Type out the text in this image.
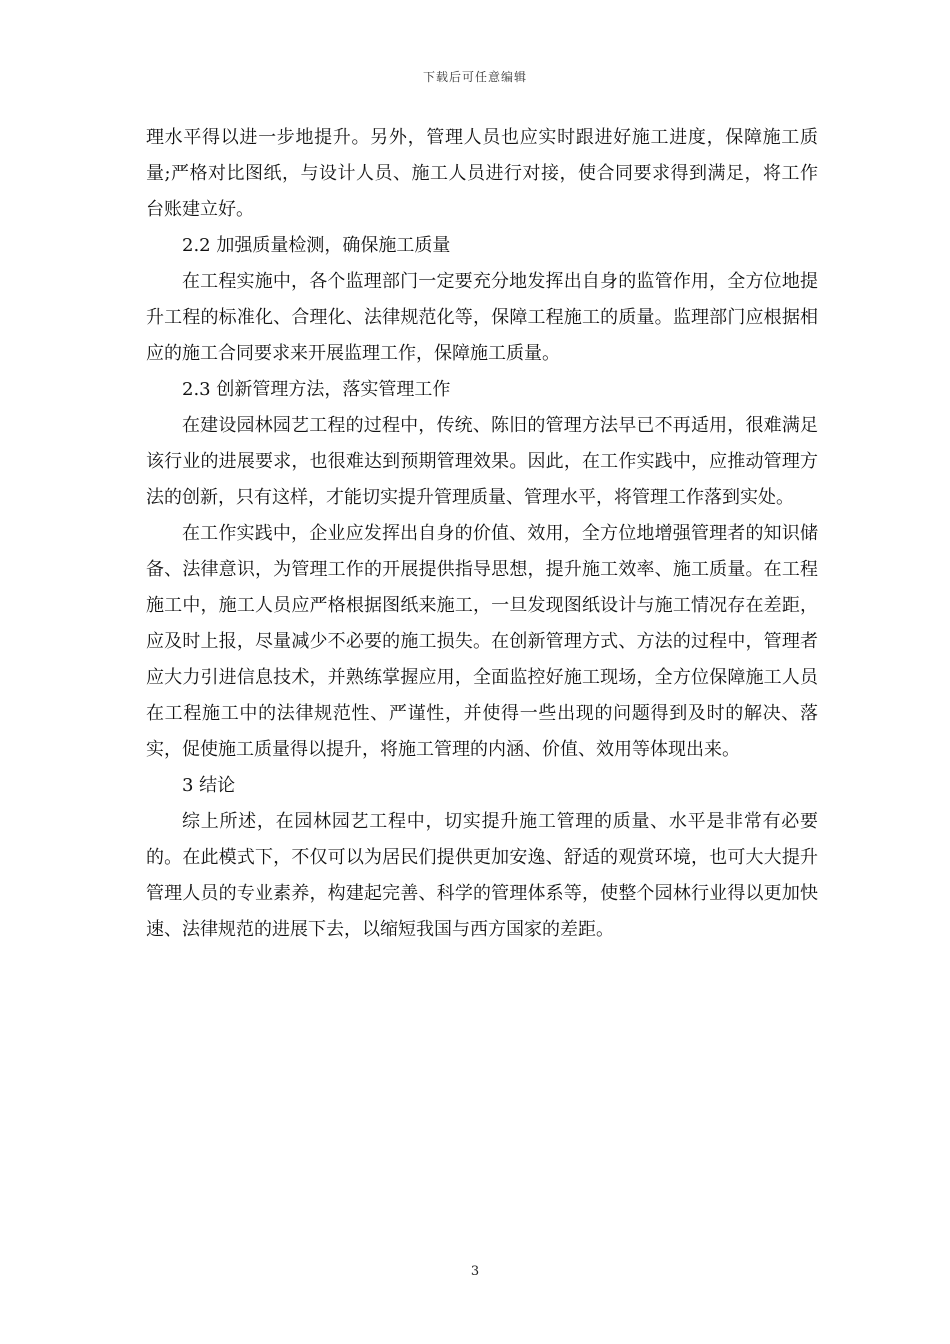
下载后可任意编辑

理水平得以进一步地提升。另外，管理人员也应实时跟进好施工进度，保障施工质量;严格对比图纸，与设计人员、施工人员进行对接，使合同要求得到满足，将工作台账建立好。

2.2 加强质量检测，确保施工质量

在工程实施中，各个监理部门一定要充分地发挥出自身的监管作用，全方位地提升工程的标准化、合理化、法律规范化等，保障工程施工的质量。监理部门应根据相应的施工合同要求来开展监理工作，保障施工质量。

2.3 创新管理方法，落实管理工作

在建设园林园艺工程的过程中，传统、陈旧的管理方法早已不再适用，很难满足该行业的进展要求，也很难达到预期管理效果。因此，在工作实践中，应推动管理方法的创新，只有这样，才能切实提升管理质量、管理水平，将管理工作落到实处。

在工作实践中，企业应发挥出自身的价值、效用，全方位地增强管理者的知识储备、法律意识，为管理工作的开展提供指导思想，提升施工效率、施工质量。在工程施工中，施工人员应严格根据图纸来施工，一旦发现图纸设计与施工情况存在差距，应及时上报，尽量减少不必要的施工损失。在创新管理方式、方法的过程中，管理者应大力引进信息技术，并熟练掌握应用，全面监控好施工现场，全方位保障施工人员在工程施工中的法律规范性、严谨性，并使得一些出现的问题得到及时的解决、落实，促使施工质量得以提升，将施工管理的内涵、价值、效用等体现出来。

3 结论

综上所述，在园林园艺工程中，切实提升施工管理的质量、水平是非常有必要的。在此模式下，不仅可以为居民们提供更加安逸、舒适的观赏环境，也可大大提升管理人员的专业素养，构建起完善、科学的管理体系等，使整个园林行业得以更加快速、法律规范的进展下去，以缩短我国与西方国家的差距。

3
